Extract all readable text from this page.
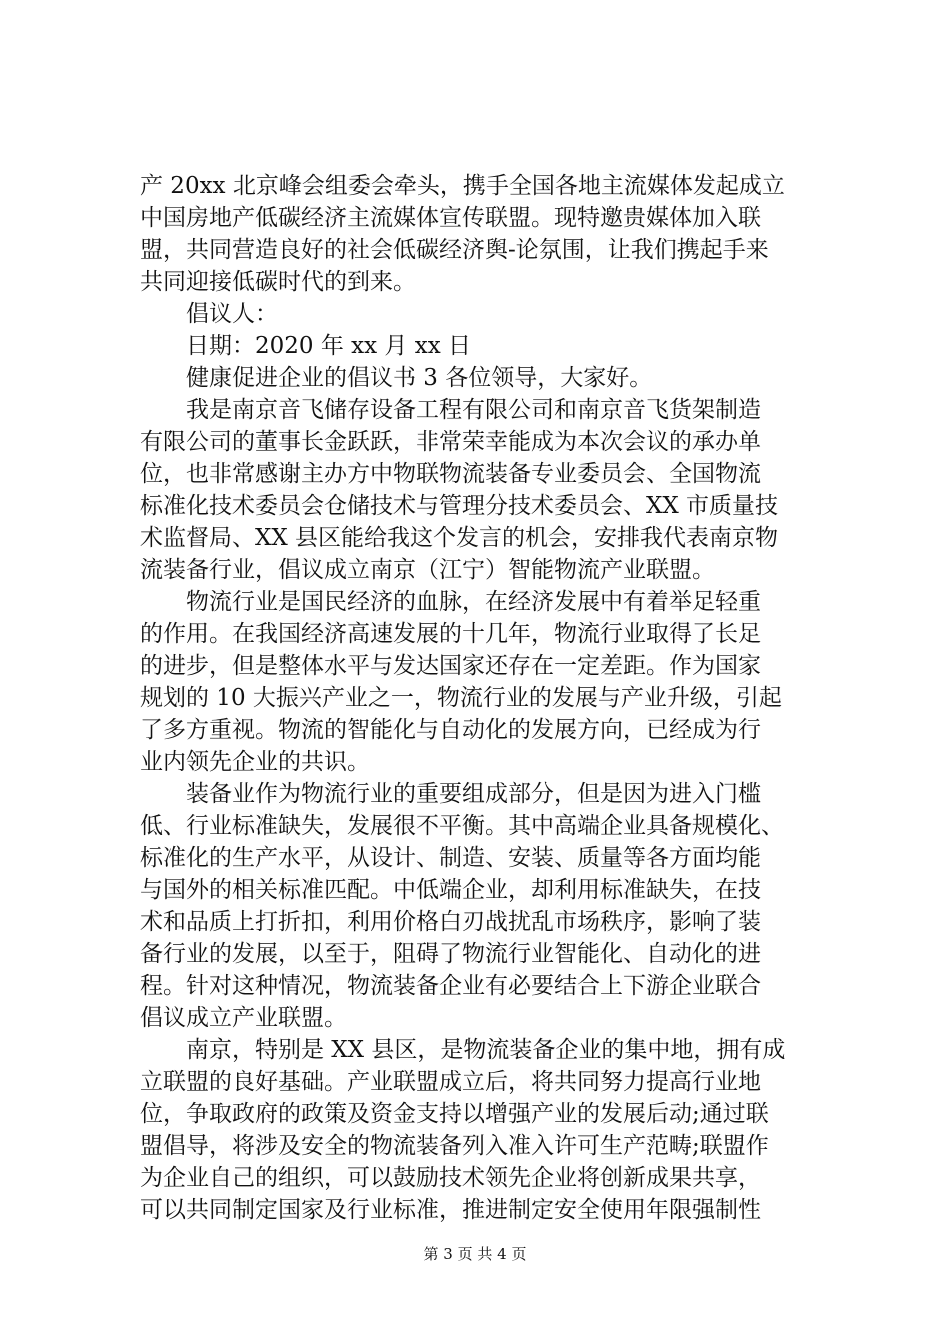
产 20xx 北京峰会组委会牵头，携手全国各地主流媒体发起成立
中国房地产低碳经济主流媒体宣传联盟。现特邀贵媒体加入联
盟，共同营造良好的社会低碳经济舆-论氛围，让我们携起手来
共同迎接低碳时代的到来。
　　倡议人：
　　日期：2020 年 xx 月 xx 日
　　健康促进企业的倡议书 3 各位领导，大家好。
　　我是南京音飞储存设备工程有限公司和南京音飞货架制造
有限公司的董事长金跃跃，非常荣幸能成为本次会议的承办单
位，也非常感谢主办方中物联物流装备专业委员会、全国物流
标准化技术委员会仓储技术与管理分技术委员会、XX 市质量技
术监督局、XX 县区能给我这个发言的机会，安排我代表南京物
流装备行业，倡议成立南京（江宁）智能物流产业联盟。
　　物流行业是国民经济的血脉，在经济发展中有着举足轻重
的作用。在我国经济高速发展的十几年，物流行业取得了长足
的进步，但是整体水平与发达国家还存在一定差距。作为国家
规划的 10 大振兴产业之一，物流行业的发展与产业升级，引起
了多方重视。物流的智能化与自动化的发展方向，已经成为行
业内领先企业的共识。
　　装备业作为物流行业的重要组成部分，但是因为进入门槛
低、行业标准缺失，发展很不平衡。其中高端企业具备规模化、
标准化的生产水平，从设计、制造、安装、质量等各方面均能
与国外的相关标准匹配。中低端企业，却利用标准缺失，在技
术和品质上打折扣，利用价格白刃战扰乱市场秩序，影响了装
备行业的发展，以至于，阻碍了物流行业智能化、自动化的进
程。针对这种情况，物流装备企业有必要结合上下游企业联合
倡议成立产业联盟。
　　南京，特别是 XX 县区，是物流装备企业的集中地，拥有成
立联盟的良好基础。产业联盟成立后，将共同努力提高行业地
位，争取政府的政策及资金支持以增强产业的发展后动;通过联
盟倡导，将涉及安全的物流装备列入准入许可生产范畴;联盟作
为企业自己的组织，可以鼓励技术领先企业将创新成果共享，
可以共同制定国家及行业标准，推进制定安全使用年限强制性
第 3 页 共 4 页
